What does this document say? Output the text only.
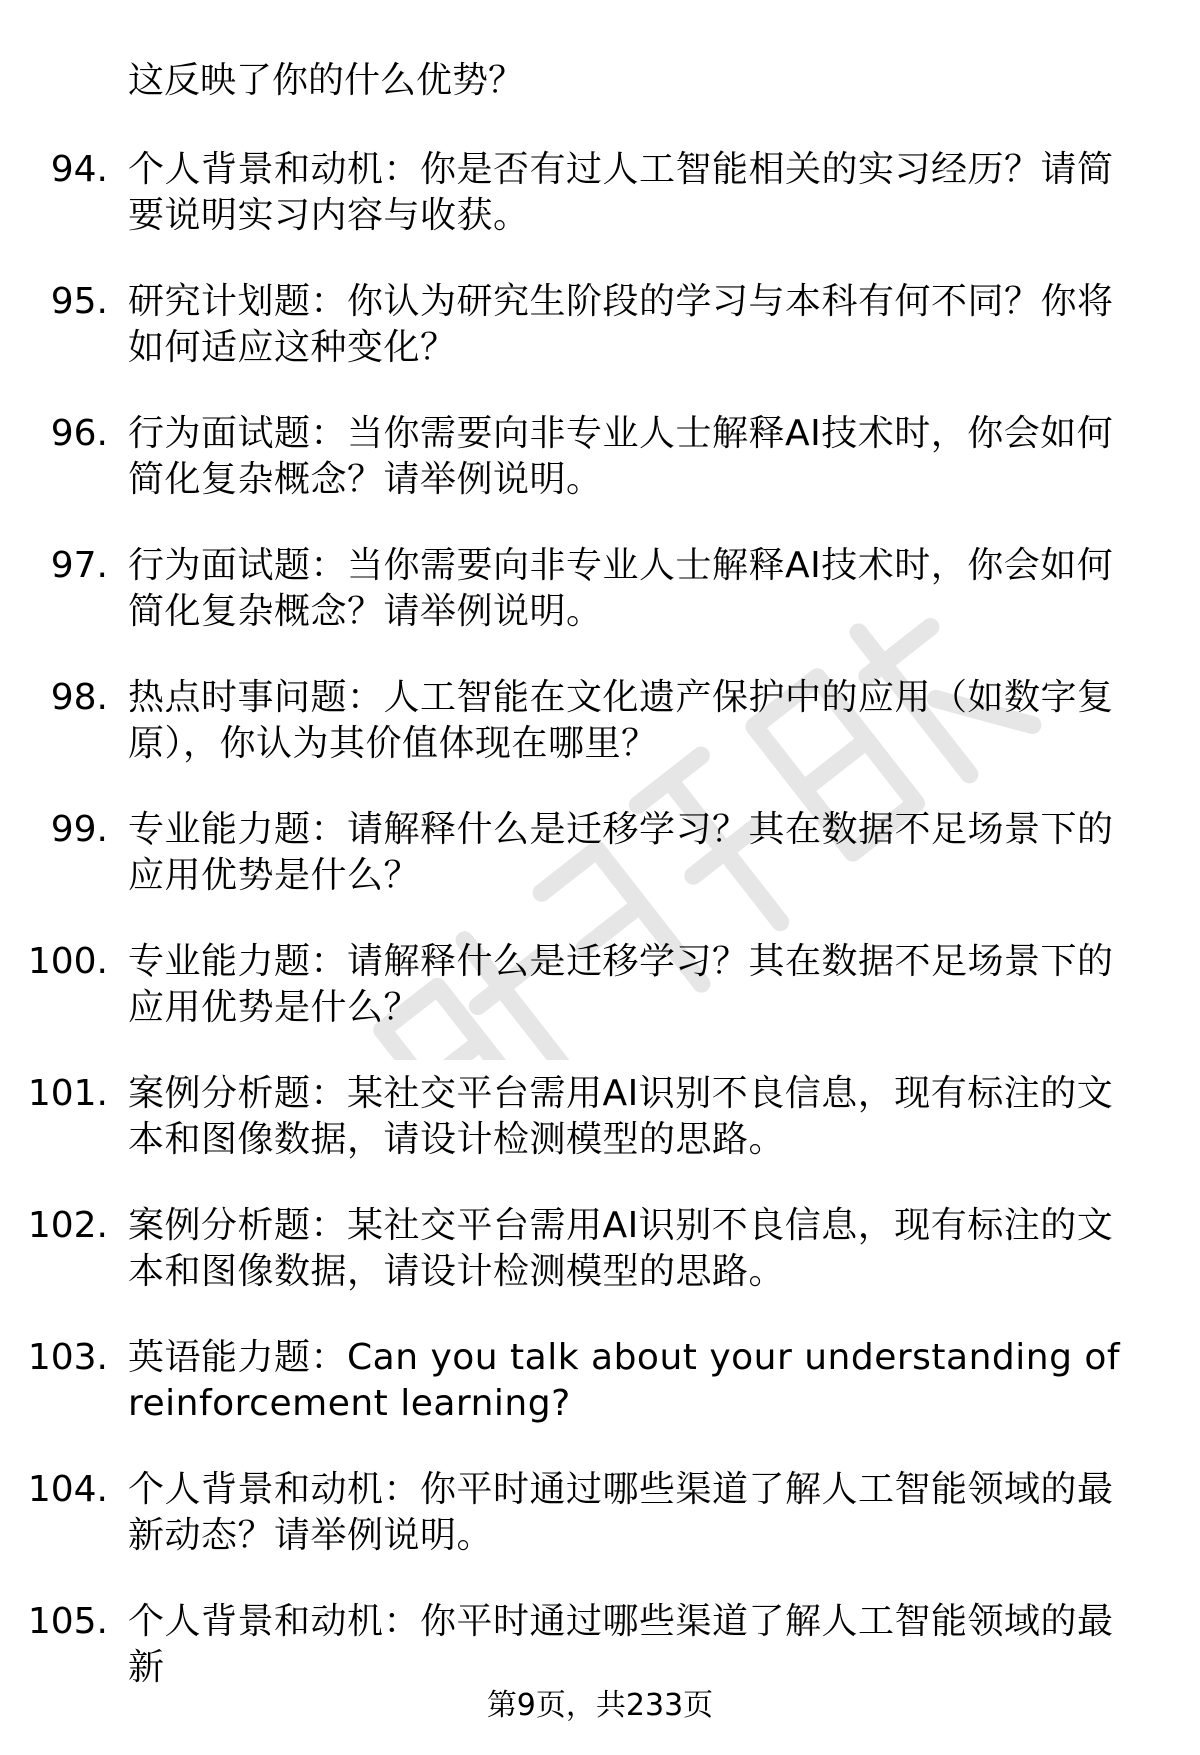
这反映了你的什么优势？
94. 个人背景和动机：你是否有过人工智能相关的实习经历？请简要说明实习内容与收获。
95. 研究计划题：你认为研究生阶段的学习与本科有何不同？你将如何适应这种变化？
96. 行为面试题：当你需要向非专业人士解释AI技术时，你会如何简化复杂概念？请举例说明。
97. 行为面试题：当你需要向非专业人士解释AI技术时，你会如何简化复杂概念？请举例说明。
98. 热点时事问题：人工智能在文化遗产保护中的应用（如数字复原），你认为其价值体现在哪里？
99. 专业能力题：请解释什么是迁移学习？其在数据不足场景下的应用优势是什么？
100. 专业能力题：请解释什么是迁移学习？其在数据不足场景下的应用优势是什么？
101. 案例分析题：某社交平台需用AI识别不良信息，现有标注的文本和图像数据，请设计检测模型的思路。
102. 案例分析题：某社交平台需用AI识别不良信息，现有标注的文本和图像数据，请设计检测模型的思路。
103. 英语能力题：Can you talk about your understanding of reinforcement learning?
104. 个人背景和动机：你平时通过哪些渠道了解人工智能领域的最新动态？请举例说明。
105. 个人背景和动机：你平时通过哪些渠道了解人工智能领域的最新
第9页，共233页
